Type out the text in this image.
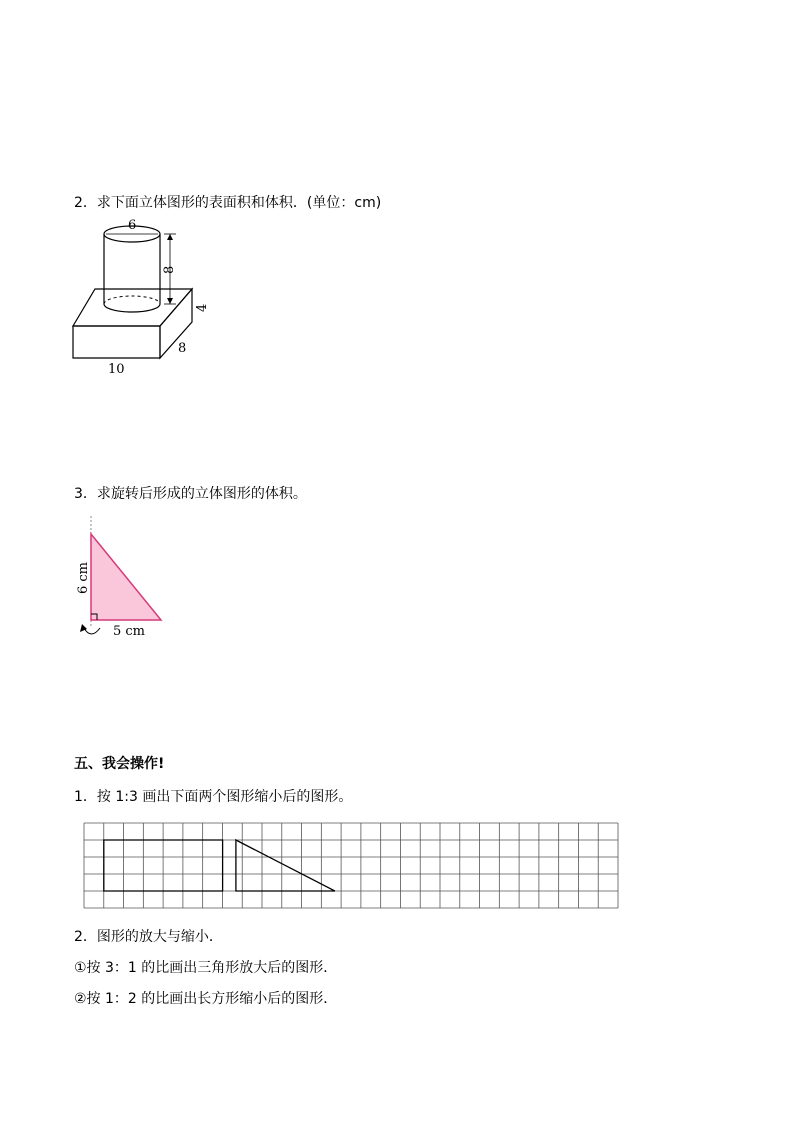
2．求下面立体图形的表面积和体积．(单位：cm)
6
8
4
8
10
3．求旋转后形成的立体图形的体积。
6 cm
5 cm
五、我会操作!
1．按 1:3 画出下面两个图形缩小后的图形。
2．图形的放大与缩小．
①按 3：1 的比画出三角形放大后的图形．
②按 1：2 的比画出长方形缩小后的图形．
